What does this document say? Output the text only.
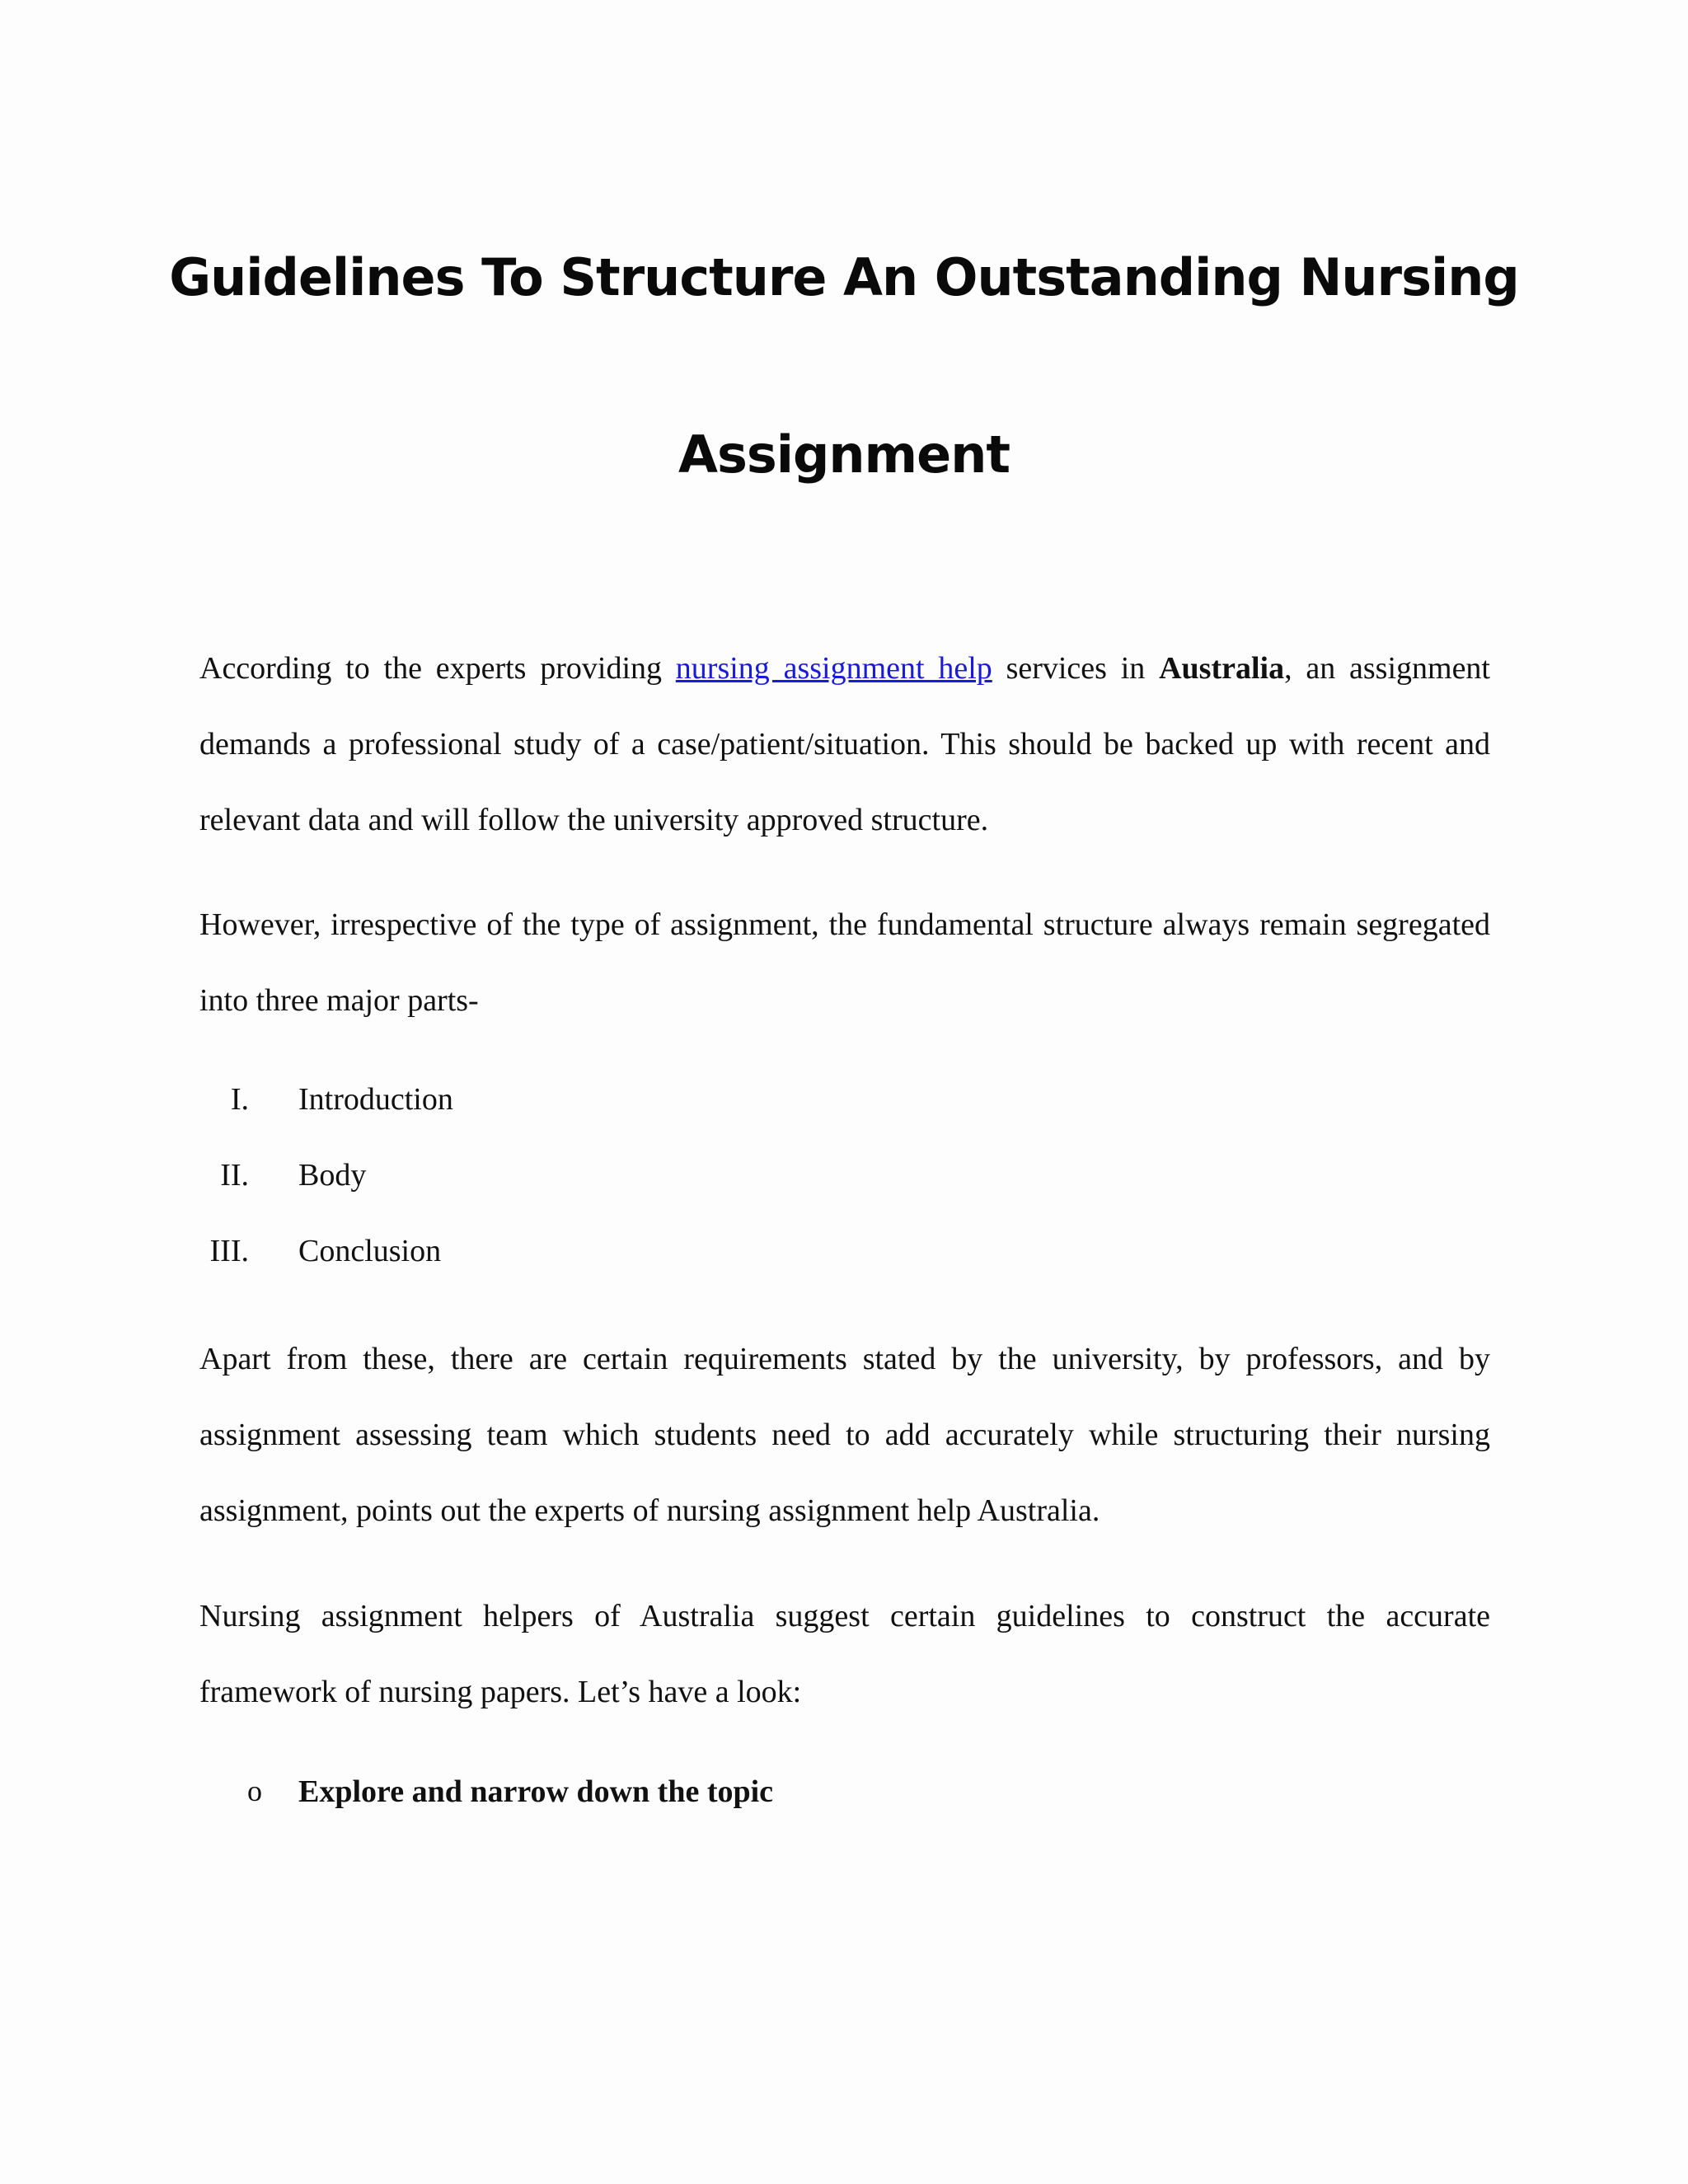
Guidelines To Structure An Outstanding Nursing
Assignment

According to the experts providing nursing assignment help services in Australia, an assignment demands a professional study of a case/patient/situation. This should be backed up with recent and relevant data and will follow the university approved structure.

However, irrespective of the type of assignment, the fundamental structure always remain segregated into three major parts-

I. Introduction
II. Body
III. Conclusion

Apart from these, there are certain requirements stated by the university, by professors, and by assignment assessing team which students need to add accurately while structuring their nursing assignment, points out the experts of nursing assignment help Australia.

Nursing assignment helpers of Australia suggest certain guidelines to construct the accurate framework of nursing papers. Let’s have a look:

o Explore and narrow down the topic
